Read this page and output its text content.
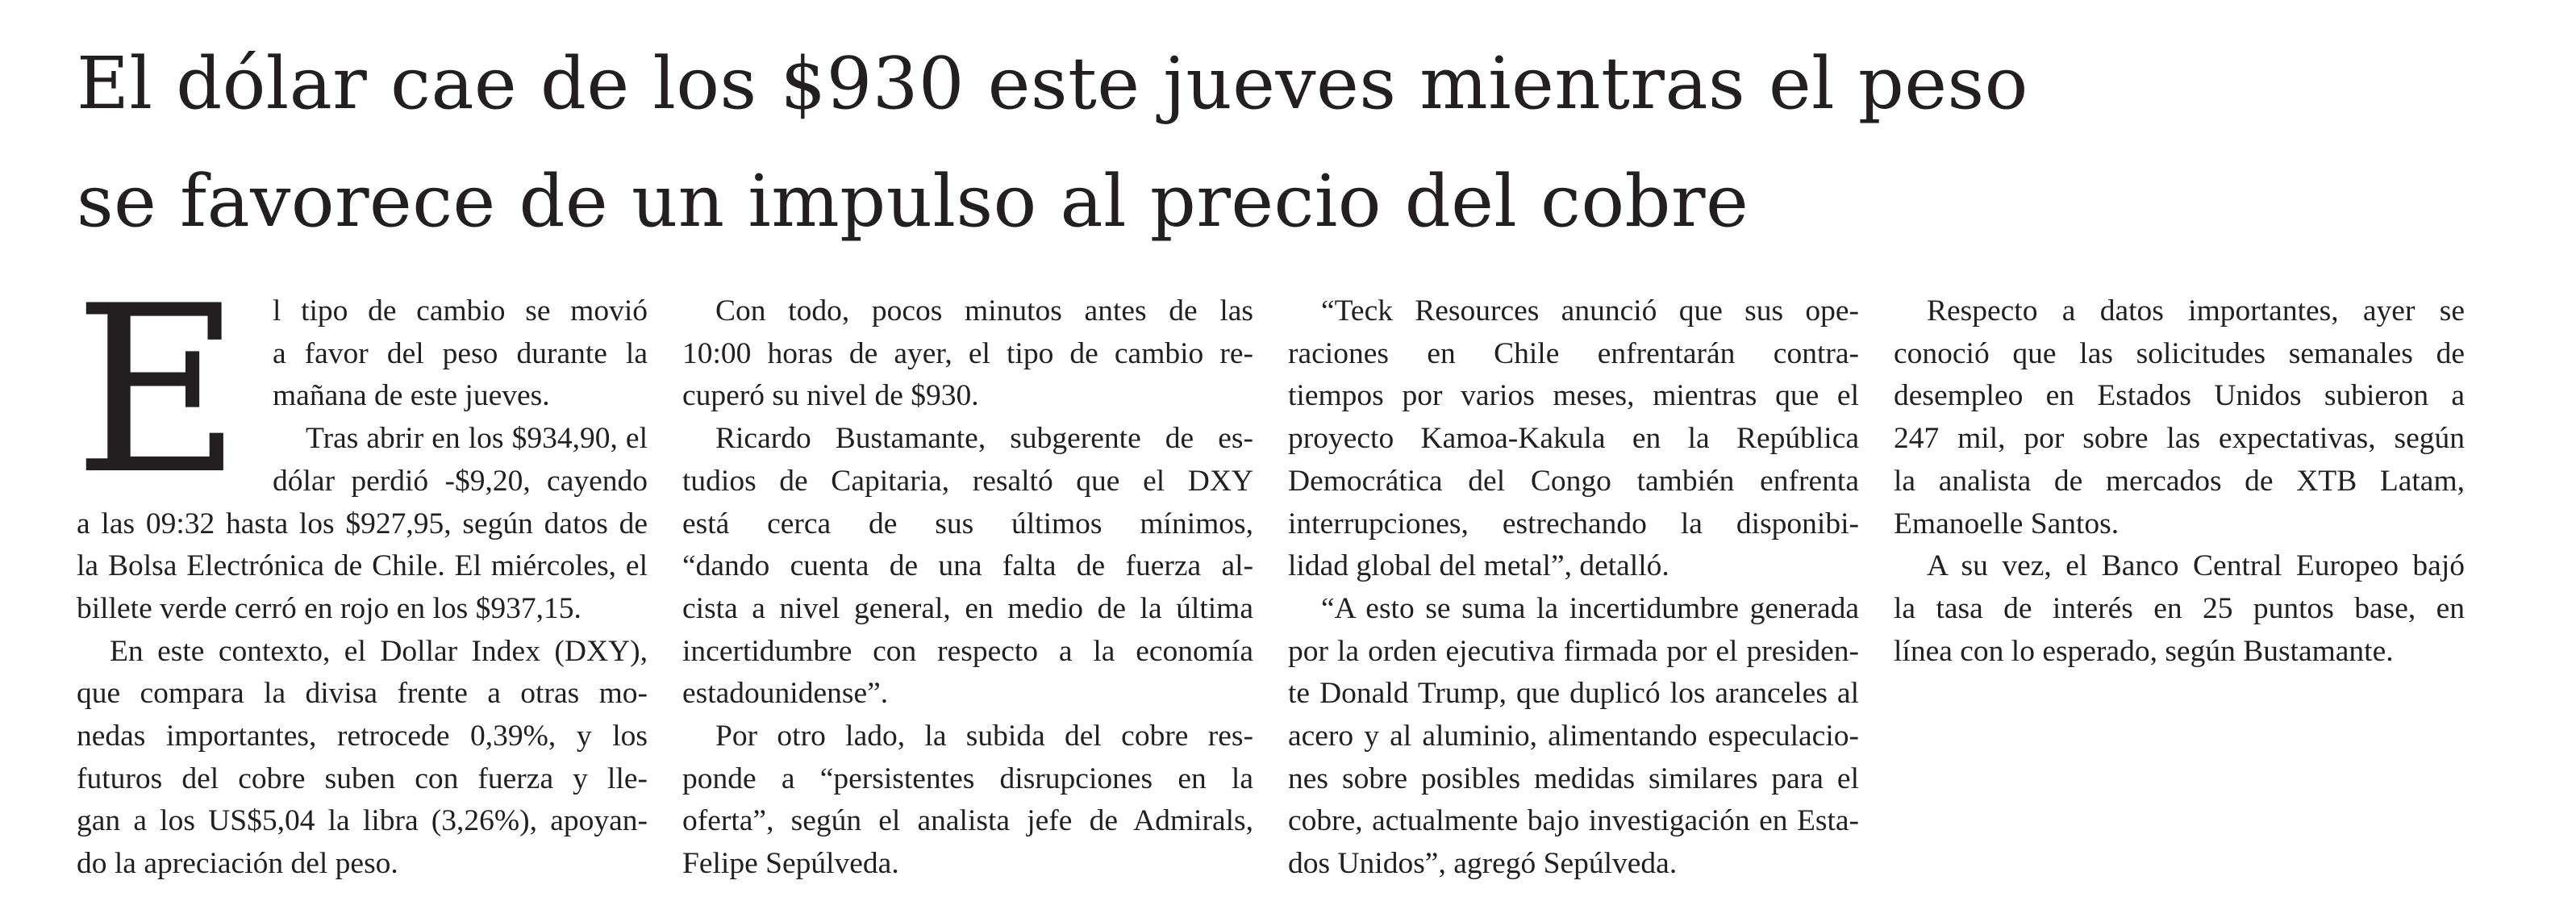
El dólar cae de los $930 este jueves mientras el peso
se favorece de un impulso al precio del cobre
E	l tipo de cambio se movió
a favor del peso durante la
mañana de este jueves.

Tras abrir en los $934,90, el
dólar perdió -$9,20, cayendo
a las 09:32 hasta los $927,95, según datos de
la Bolsa Electrónica de Chile. El miércoles, el
billete verde cerró en rojo en los $937,15.

En este contexto, el Dollar Index (DXY),
que compara la divisa frente a otras mo-
nedas importantes, retrocede 0,39%, y los
futuros del cobre suben con fuerza y lle-
gan a los US$5,04 la libra (3,26%), apoyan-
do la apreciación del peso.

Con todo, pocos minutos antes de las
10:00 horas de ayer, el tipo de cambio re-
cuperó su nivel de $930.

Ricardo Bustamante, subgerente de es-
tudios de Capitaria, resaltó que el DXY
está cerca de sus últimos mínimos,
“dando cuenta de una falta de fuerza al-
cista a nivel general, en medio de la última
incertidumbre con respecto a la economía
estadounidense”.

Por otro lado, la subida del cobre res-
ponde a “persistentes disrupciones en la
oferta”, según el analista jefe de Admirals,
Felipe Sepúlveda.

“Teck Resources anunció que sus ope-
raciones en Chile enfrentarán contra-
tiempos por varios meses, mientras que el
proyecto Kamoa-Kakula en la República
Democrática del Congo también enfrenta
interrupciones, estrechando la disponibi-
lidad global del metal”, detalló.

“A esto se suma la incertidumbre generada
por la orden ejecutiva firmada por el presiden-
te Donald Trump, que duplicó los aranceles al
acero y al aluminio, alimentando especulacio-
nes sobre posibles medidas similares para el
cobre, actualmente bajo investigación en Esta-
dos Unidos”, agregó Sepúlveda.

Respecto a datos importantes, ayer se
conoció que las solicitudes semanales de
desempleo en Estados Unidos subieron a
247 mil, por sobre las expectativas, según
la analista de mercados de XTB Latam,
Emanoelle Santos.

A su vez, el Banco Central Europeo bajó
la tasa de interés en 25 puntos base, en
línea con lo esperado, según Bustamante.
